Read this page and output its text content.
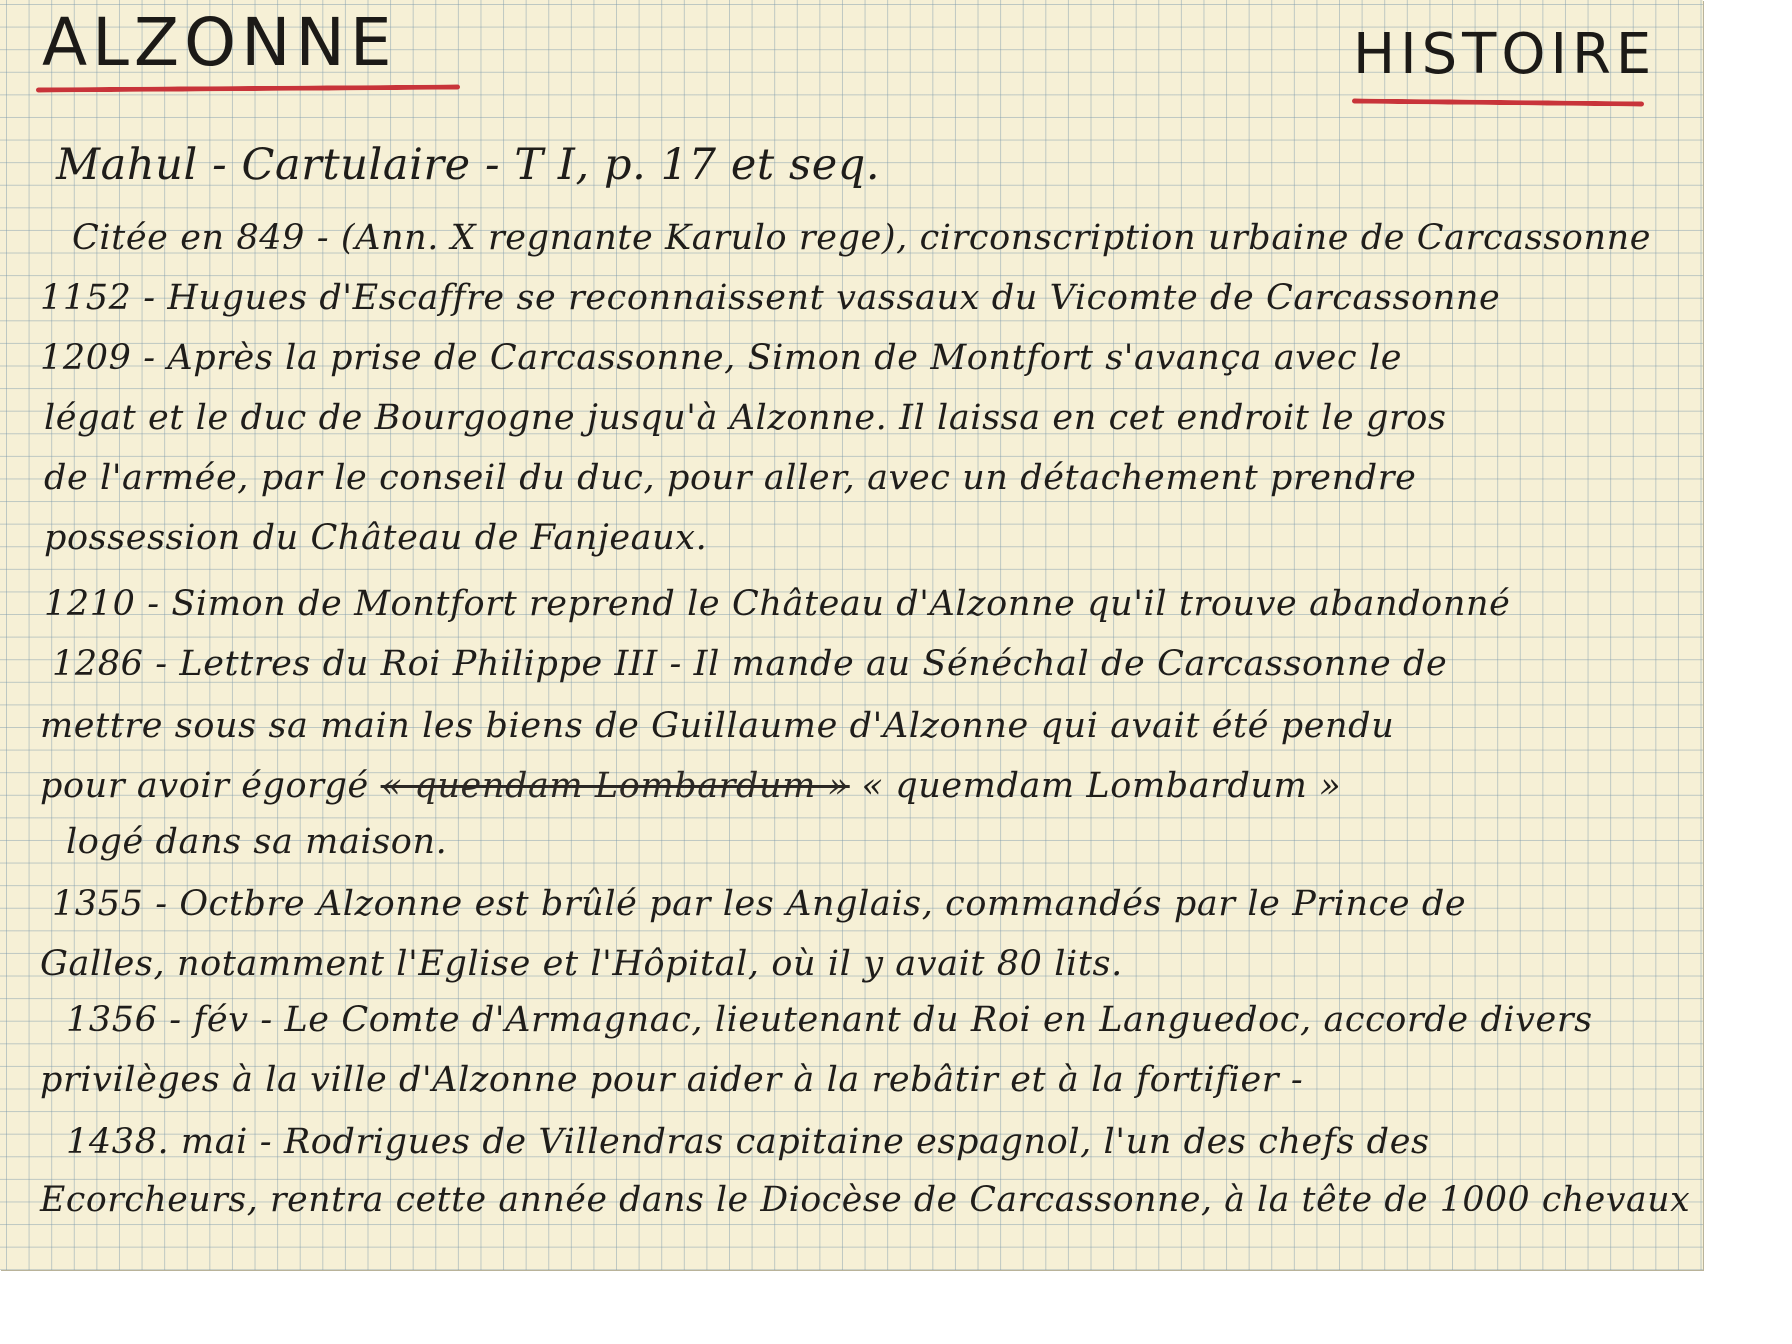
ALZONNE	HISTOIRE
Mahul - Cartulaire - T I, p. 17 et seq.
Citée en 849 - (Ann. X regnante Karulo rege), circonscription urbaine de Carcassonne
1152 - Hugues d'Escaffre se reconnaissent vassaux du Vicomte de Carcassonne
1209 - Après la prise de Carcassonne, Simon de Montfort s'avança avec le
légat et le duc de Bourgogne jusqu'à Alzonne. Il laissa en cet endroit le gros
de l'armée, par le conseil du duc, pour aller, avec un détachement prendre
possession du Château de Fanjeaux.
1210 - Simon de Montfort reprend le Château d'Alzonne qu'il trouve abandonné
1286 - Lettres du Roi Philippe III - Il mande au Sénéchal de Carcassonne de
mettre sous sa main les biens de Guillaume d'Alzonne qui avait été pendu
pour avoir égorgé « quendam Lombardum » « quemdam Lombardum »
logé dans sa maison.
1355 - Octbre Alzonne est brûlé par les Anglais, commandés par le Prince de
Galles, notamment l'Eglise et l'Hôpital, où il y avait 80 lits.
1356 - fév - Le Comte d'Armagnac, lieutenant du Roi en Languedoc, accorde divers
privilèges à la ville d'Alzonne pour aider à la rebâtir et à la fortifier -
1438. mai - Rodrigues de Villendras capitaine espagnol, l'un des chefs des
Ecorcheurs, rentra cette année dans le Diocèse de Carcassonne, à la tête de 1000 chevaux
